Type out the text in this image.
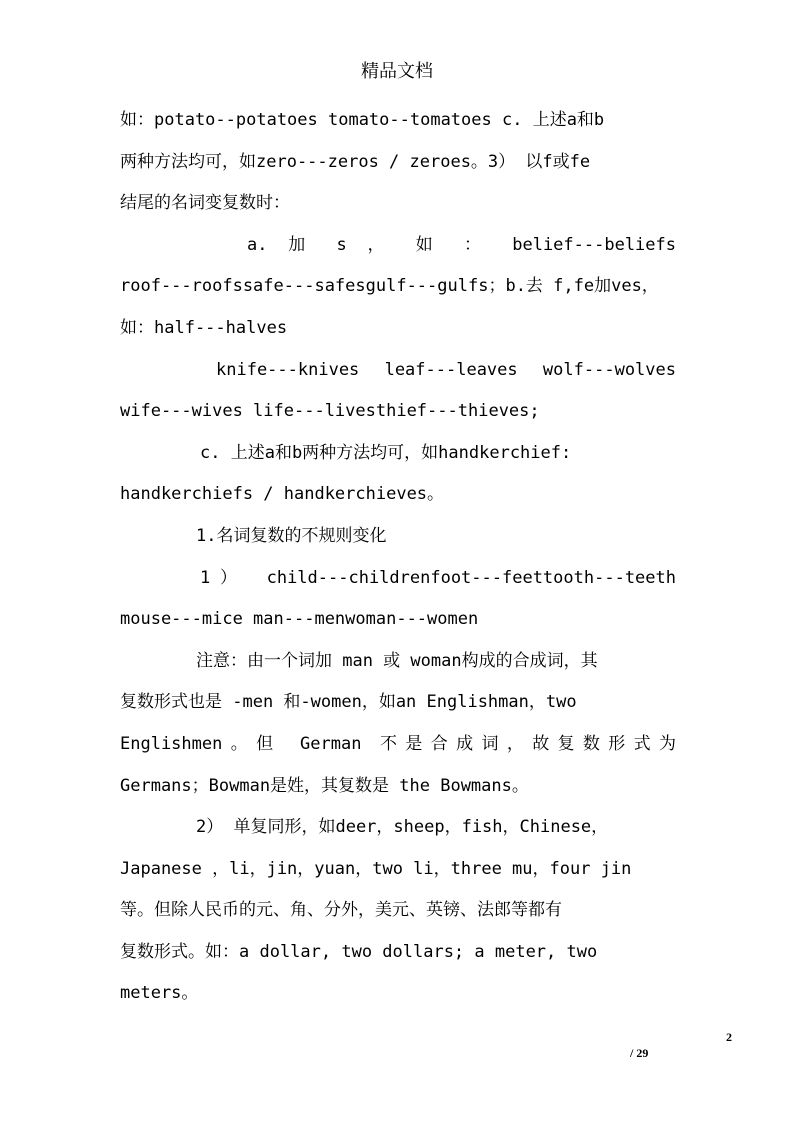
精品文档
如：potato--potatoes tomato--tomatoes c. 上述a和b
两种方法均可，如zero---zeros / zeroes。3） 以f或fe
结尾的名词变复数时：
a. 加 s ， 如 ： belief---beliefs
roof---roofssafe---safesgulf---gulfs；b.去 f,fe加ves，
如：half---halves
knife---knives leaf---leaves wolf---wolves
wife---wives life---livesthief---thieves;
c. 上述a和b两种方法均可，如handkerchief:
handkerchiefs / handkerchieves。
1.名词复数的不规则变化
1） child---childrenfoot---feettooth---teeth
mouse---mice man---menwoman---women
注意：由一个词加 man 或 woman构成的合成词，其
复数形式也是 -men 和-women，如an Englishman，two
Englishmen。但 German 不是合成词，故复数形式为
Germans；Bowman是姓，其复数是 the Bowmans。
2） 单复同形，如deer，sheep，fish，Chinese，
Japanese ，li，jin，yuan，two li，three mu，four jin
等。但除人民币的元、角、分外，美元、英镑、法郎等都有
复数形式。如：a dollar, two dollars; a meter, two
meters。
2
/ 29
